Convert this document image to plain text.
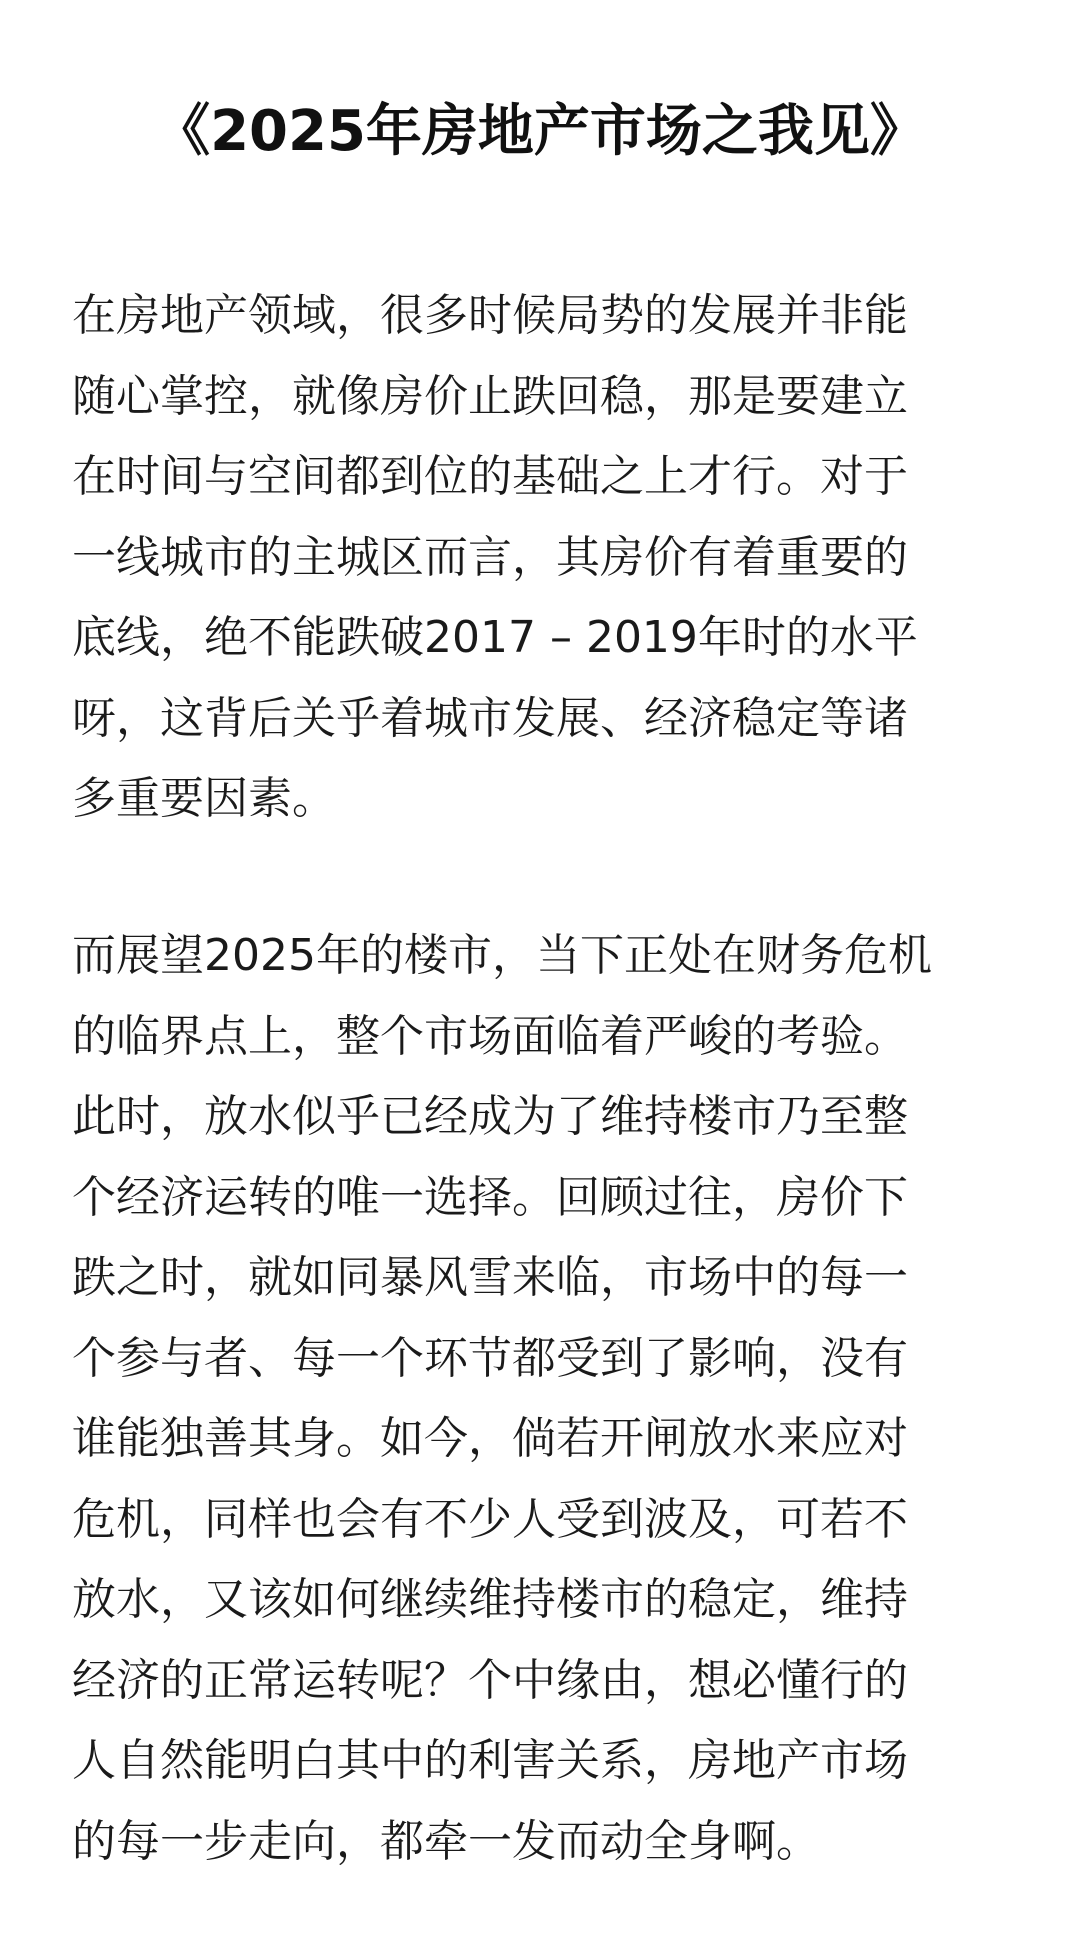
《2025年房地产市场之我见》
在房地产领域，很多时候局势的发展并非能
随心掌控，就像房价止跌回稳，那是要建立
在时间与空间都到位的基础之上才行。对于
一线城市的主城区而言，其房价有着重要的
底线，绝不能跌破2017 – 2019年时的水平
呀，这背后关乎着城市发展、经济稳定等诸
多重要因素。
而展望2025年的楼市，当下正处在财务危机
的临界点上，整个市场面临着严峻的考验。
此时，放水似乎已经成为了维持楼市乃至整
个经济运转的唯一选择。回顾过往，房价下
跌之时，就如同暴风雪来临，市场中的每一
个参与者、每一个环节都受到了影响，没有
谁能独善其身。如今，倘若开闸放水来应对
危机，同样也会有不少人受到波及，可若不
放水，又该如何继续维持楼市的稳定，维持
经济的正常运转呢？个中缘由，想必懂行的
人自然能明白其中的利害关系，房地产市场
的每一步走向，都牵一发而动全身啊。
